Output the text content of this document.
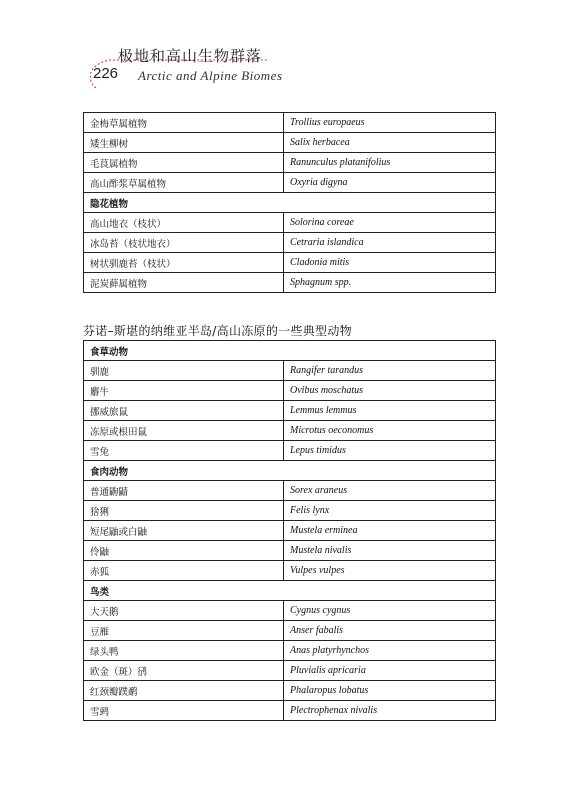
极地和高山生物群落
Arctic and Alpine Biomes
226
金梅草属植物	Trollius europaeus
矮生柳树	Salix herbacea
毛茛属植物	Ranunculus platanifolius
高山酢浆草属植物	Oxyria digyna
隐花植物	
高山地衣（枝状）	Solorina coreae
冰岛苔（枝状地衣）	Cetraria islandica
树状驯鹿苔（枝状）	Cladonia mitis
泥炭藓属植物	Sphagnum spp.
芬诺–斯堪的纳维亚半岛/高山冻原的一些典型动物
食草动物	
驯鹿	Rangifer tarandus
麝牛	Ovibus moschatus
挪威旅鼠	Lemmus lemmus
冻原或根田鼠	Microtus oeconomus
雪兔	Lepus timidus
食肉动物	
普通鼩鼱	Sorex araneus
猞猁	Felis lynx
短尾鼬或白鼬	Mustela erminea
伶鼬	Mustela nivalis
赤狐	Vulpes vulpes
鸟类	
大天鹅	Cygnus cygnus
豆雁	Anser fabalis
绿头鸭	Anas platyrhynchos
欧金（斑）鸻	Pluvialis apricaria
红颈瓣蹼鹬	Phalaropus lobatus
雪鹀	Plectrophenax nivalis
